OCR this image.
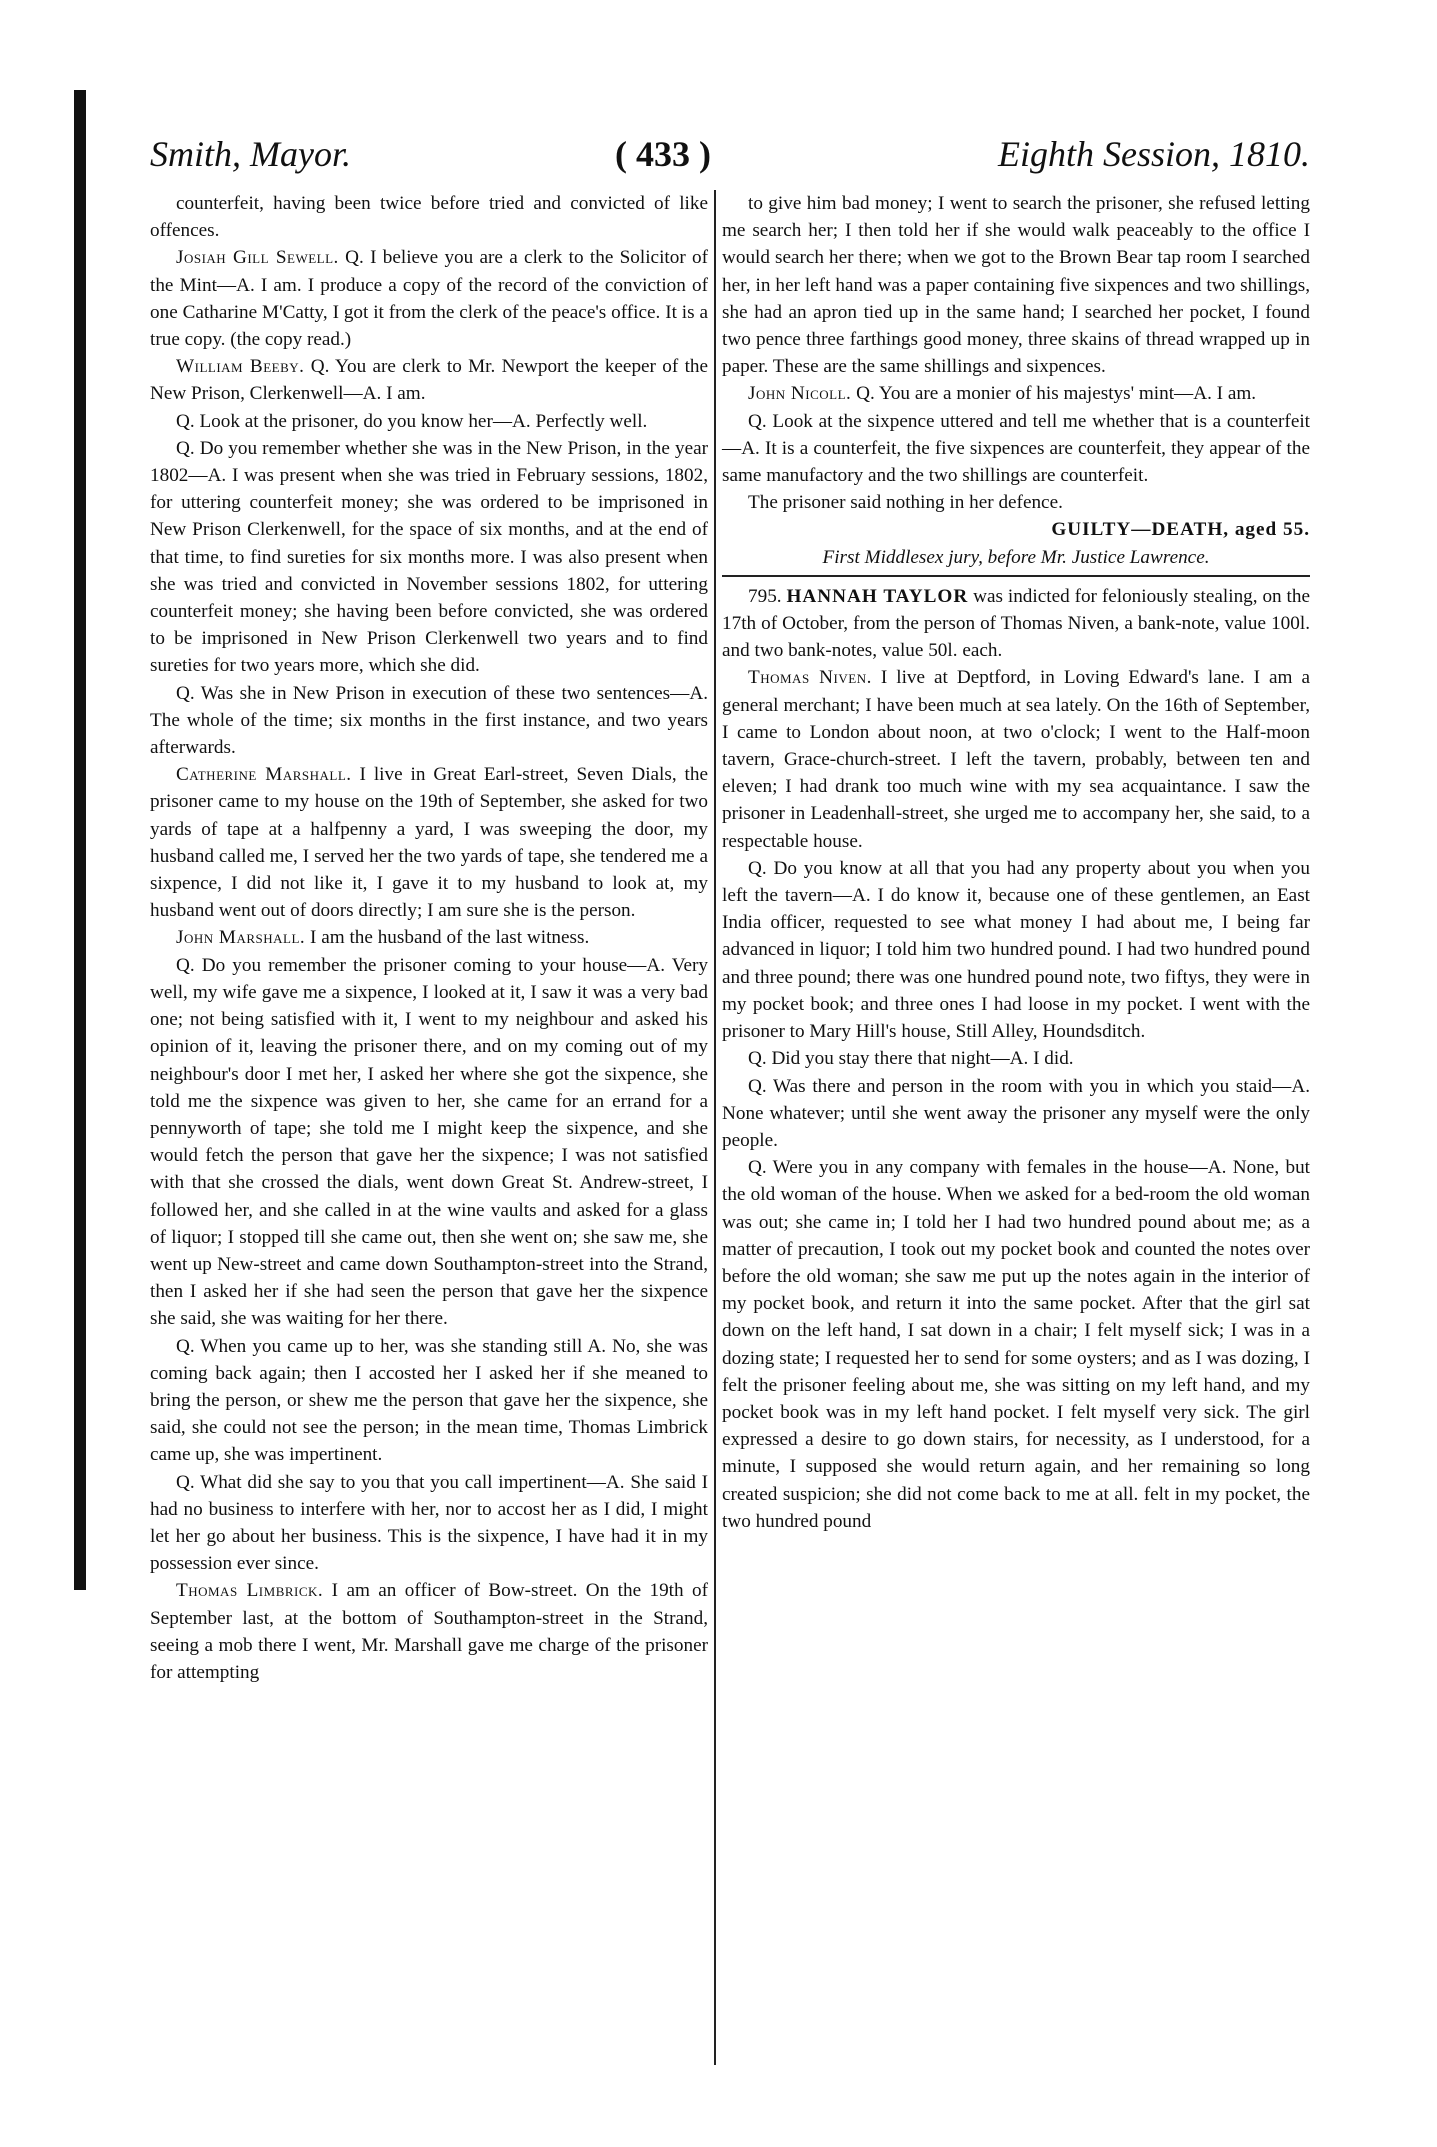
Smith, Mayor.	( 433 )	Eighth Session, 1810.

counterfeit, having been twice before tried and convicted of like offences.

Josiah Gill Sewell. Q. I believe you are a clerk to the Solicitor of the Mint—A. I am. I produce a copy of the record of the conviction of one Catharine M'Catty, I got it from the clerk of the peace's office. It is a true copy. (the copy read.)

William Beeby. Q. You are clerk to Mr. Newport the keeper of the New Prison, Clerkenwell—A. I am.

Q. Look at the prisoner, do you know her—A. Perfectly well.

Q. Do you remember whether she was in the New Prison, in the year 1802—A. I was present when she was tried in February sessions, 1802, for uttering counterfeit money; she was ordered to be imprisoned in New Prison Clerkenwell, for the space of six months, and at the end of that time, to find sureties for six months more. I was also present when she was tried and convicted in November sessions 1802, for uttering counterfeit money; she having been before convicted, she was ordered to be imprisoned in New Prison Clerkenwell two years and to find sureties for two years more, which she did.

Q. Was she in New Prison in execution of these two sentences—A. The whole of the time; six months in the first instance, and two years afterwards.

Catherine Marshall. I live in Great Earl-street, Seven Dials, the prisoner came to my house on the 19th of September, she asked for two yards of tape at a halfpenny a yard, I was sweeping the door, my husband called me, I served her the two yards of tape, she tendered me a sixpence, I did not like it, I gave it to my husband to look at, my husband went out of doors directly; I am sure she is the person.

John Marshall. I am the husband of the last witness.

Q. Do you remember the prisoner coming to your house—A. Very well, my wife gave me a sixpence, I looked at it, I saw it was a very bad one; not being satisfied with it, I went to my neighbour and asked his opinion of it, leaving the prisoner there, and on my coming out of my neighbour's door I met her, I asked her where she got the sixpence, she told me the sixpence was given to her, she came for an errand for a pennyworth of tape; she told me I might keep the sixpence, and she would fetch the person that gave her the sixpence; I was not satisfied with that she crossed the dials, went down Great St. Andrew-street, I followed her, and she called in at the wine vaults and asked for a glass of liquor; I stopped till she came out, then she went on; she saw me, she went up New-street and came down Southampton-street into the Strand, then I asked her if she had seen the person that gave her the sixpence she said, she was waiting for her there.

Q. When you came up to her, was she standing still A. No, she was coming back again; then I accosted her I asked her if she meaned to bring the person, or shew me the person that gave her the sixpence, she said, she could not see the person; in the mean time, Thomas Limbrick came up, she was impertinent.

Q. What did she say to you that you call impertinent—A. She said I had no business to interfere with her, nor to accost her as I did, I might let her go about her business. This is the sixpence, I have had it in my possession ever since.

Thomas Limbrick. I am an officer of Bow-street. On the 19th of September last, at the bottom of Southampton-street in the Strand, seeing a mob there I went, Mr. Marshall gave me charge of the prisoner for attempting

to give him bad money; I went to search the prisoner, she refused letting me search her; I then told her if she would walk peaceably to the office I would search her there; when we got to the Brown Bear tap room I searched her, in her left hand was a paper containing five sixpences and two shillings, she had an apron tied up in the same hand; I searched her pocket, I found two pence three farthings good money, three skains of thread wrapped up in paper. These are the same shillings and sixpences.

John Nicoll. Q. You are a monier of his majestys' mint—A. I am.

Q. Look at the sixpence uttered and tell me whether that is a counterfeit—A. It is a counterfeit, the five sixpences are counterfeit, they appear of the same manufactory and the two shillings are counterfeit.

The prisoner said nothing in her defence.

GUILTY—DEATH, aged 55.

First Middlesex jury, before Mr. Justice Lawrence.

795. HANNAH TAYLOR was indicted for feloniously stealing, on the 17th of October, from the person of Thomas Niven, a bank-note, value 100l. and two bank-notes, value 50l. each.

Thomas Niven. I live at Deptford, in Loving Edward's lane. I am a general merchant; I have been much at sea lately. On the 16th of September, I came to London about noon, at two o'clock; I went to the Half-moon tavern, Grace-church-street. I left the tavern, probably, between ten and eleven; I had drank too much wine with my sea acquaintance. I saw the prisoner in Leadenhall-street, she urged me to accompany her, she said, to a respectable house.

Q. Do you know at all that you had any property about you when you left the tavern—A. I do know it, because one of these gentlemen, an East India officer, requested to see what money I had about me, I being far advanced in liquor; I told him two hundred pound. I had two hundred pound and three pound; there was one hundred pound note, two fiftys, they were in my pocket book; and three ones I had loose in my pocket. I went with the prisoner to Mary Hill's house, Still Alley, Houndsditch.

Q. Did you stay there that night—A. I did.

Q. Was there and person in the room with you in which you staid—A. None whatever; until she went away the prisoner any myself were the only people.

Q. Were you in any company with females in the house—A. None, but the old woman of the house. When we asked for a bed-room the old woman was out; she came in; I told her I had two hundred pound about me; as a matter of precaution, I took out my pocket book and counted the notes over before the old woman; she saw me put up the notes again in the interior of my pocket book, and return it into the same pocket. After that the girl sat down on the left hand, I sat down in a chair; I felt myself sick; I was in a dozing state; I requested her to send for some oysters; and as I was dozing, I felt the prisoner feeling about me, she was sitting on my left hand, and my pocket book was in my left hand pocket. I felt myself very sick. The girl expressed a desire to go down stairs, for necessity, as I understood, for a minute, I supposed she would return again, and her remaining so long created suspicion; she did not come back to me at all. felt in my pocket, the two hundred pound
